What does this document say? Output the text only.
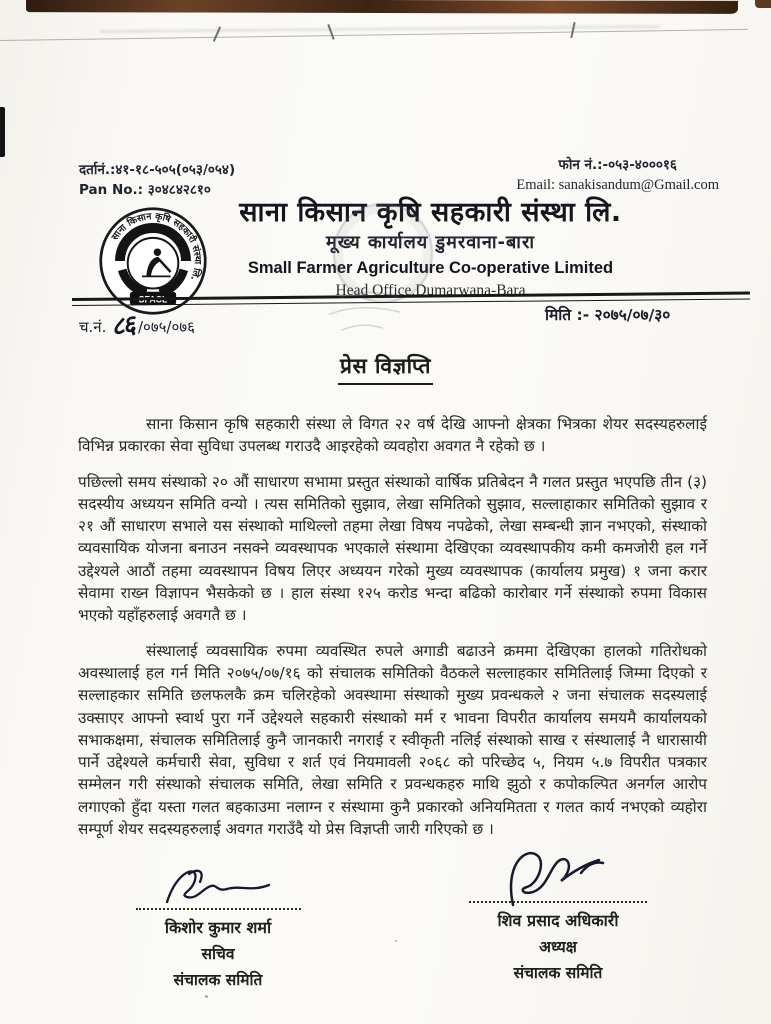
दर्तानं.:४१-१८-५०५(०५३/०५४)
Pan No.: ३०४८४२८१०
फोन नं.:-०५३-४०००१६
Email: sanakisandum@Gmail.com
साना किसान कृषि सहकारी संस्था लि.
SFACL
साना किसान कृषि सहकारी संस्था लि.
मूख्य कार्यालय डुमरवाना-बारा
Small Farmer Agriculture Co-operative Limited
Head Office,Dumarwana-Bara
च.नं. ८६ /०७५/०७६
मिति :- २०७५/०७/३०
प्रेस विज्ञप्ति

साना किसान कृषि सहकारी संस्था ले विगत २२ वर्ष देखि आफ्नो क्षेत्रका भित्रका शेयर सदस्यहरुलाई विभिन्न प्रकारका सेवा सुविधा उपलब्ध गराउदै आइरहेको व्यवहोरा अवगत नै रहेको छ ।

पछिल्लो समय संस्थाको २० औं साधारण सभामा प्रस्तुत संस्थाको वार्षिक प्रतिबेदन नै गलत प्रस्तुत भएपछि तीन (३) सदस्यीय अध्ययन समिति वन्यो । त्यस समितिको सुझाव, लेखा समितिको सुझाव, सल्लाहाकार समितिको सुझाव र २१ औं साधारण सभाले यस संस्थाको माथिल्लो तहमा लेखा विषय नपढेको, लेखा सम्बन्धी ज्ञान नभएको, संस्थाको व्यवसायिक योजना बनाउन नसक्ने व्यवस्थापक भएकाले संस्थामा देखिएका व्यवस्थापकीय कमी कमजोरी हल गर्ने उद्देश्यले आठौं तहमा व्यवस्थापन विषय लिएर अध्ययन गरेको मुख्य व्यवस्थापक (कार्यालय प्रमुख) १ जना करार सेवामा राख्न विज्ञापन भैसकेको छ । हाल संस्था १२५ करोड भन्दा बढिको कारोबार गर्ने संस्थाको रुपमा विकास भएको यहाँहरुलाई अवगतै छ ।

संस्थालाई व्यवसायिक रुपमा व्यवस्थित रुपले अगाडी बढाउने क्रममा देखिएका हालको गतिरोधको अवस्थालाई हल गर्न मिति २०७५/०७/१६ को संचालक समितिको वैठकले सल्लाहकार समितिलाई जिम्मा दिएको र सल्लाहकार समिति छलफलकै क्रम चलिरहेको अवस्थामा संस्थाको मुख्य प्रवन्धकले २ जना संचालक सदस्यलाई उक्साएर आफ्नो स्वार्थ पुरा गर्ने उद्देश्यले सहकारी संस्थाको मर्म र भावना विपरीत कार्यालय समयमै कार्यालयको सभाकक्षमा, संचालक समितिलाई कुनै जानकारी नगराई र स्वीकृती नलिई संस्थाको साख र संस्थालाई नै धारासायी पार्ने उद्देश्यले कर्मचारी सेवा, सुविधा र शर्त एवं नियमावली २०६८ को परिच्छेद ५, नियम ५.७ विपरीत पत्रकार सम्मेलन गरी संस्थाको संचालक समिति, लेखा समिति र प्रवन्धकहरु माथि झुठो र कपोकल्पित अनर्गल आरोप लगाएको हुँदा यस्ता गलत बहकाउमा नलाग्न र संस्थामा कुनै प्रकारको अनियमितता र गलत कार्य नभएको व्यहोरा सम्पूर्ण शेयर सदस्यहरुलाई अवगत गराउँदै यो प्रेस विज्ञप्ती जारी गरिएको छ ।

किशोर कुमार शर्मा
सचिव
संचालक समिति
शिव प्रसाद अधिकारी
अध्यक्ष
संचालक समिति
